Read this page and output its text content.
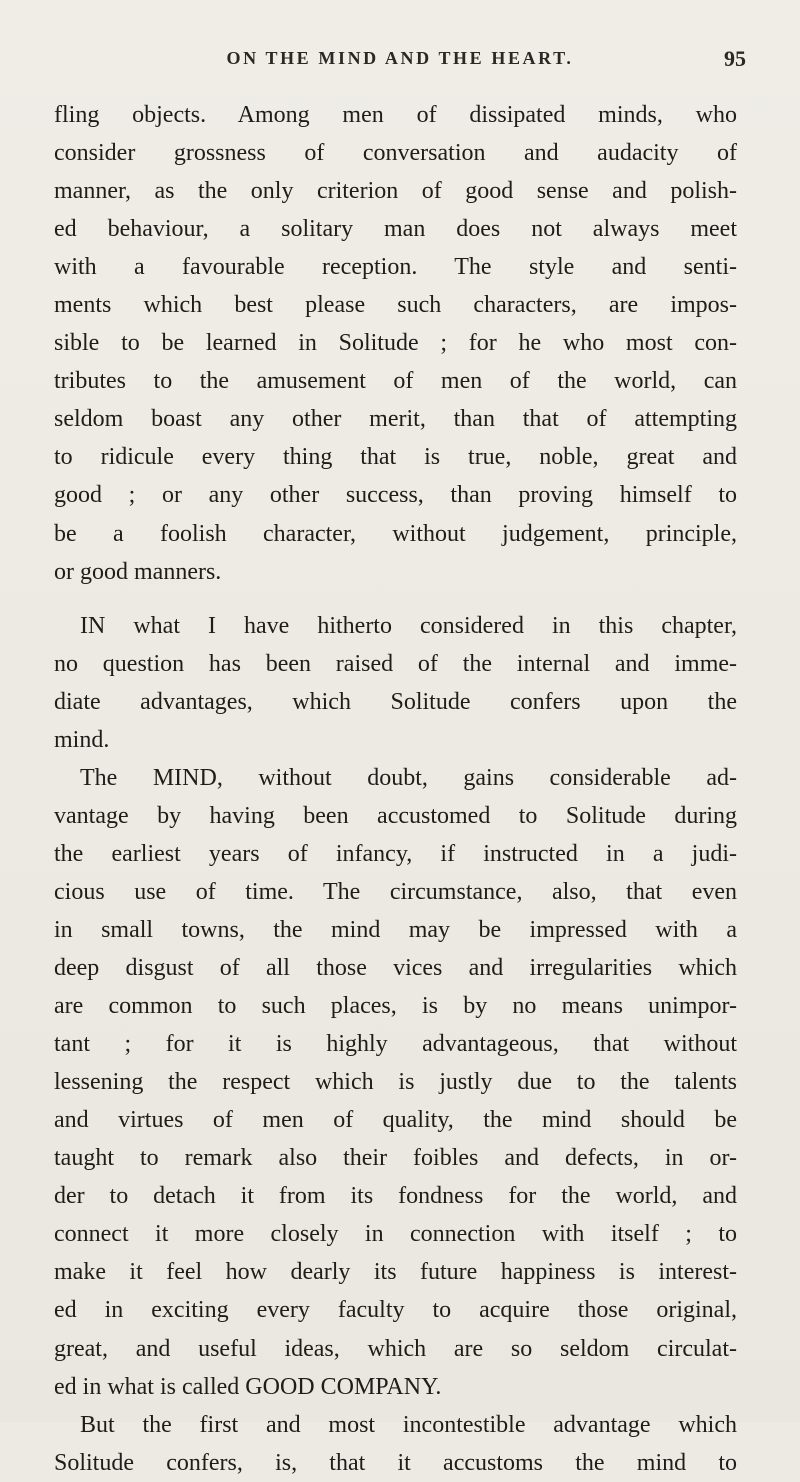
ON THE MIND AND THE HEART.	95
fling objects. Among men of dissipated minds, who
consider grossness of conversation and audacity of
manner, as the only criterion of good sense and polish-
ed behaviour, a solitary man does not always meet
with a favourable reception. The style and senti-
ments which best please such characters, are impos-
sible to be learned in Solitude ; for he who most con-
tributes to the amusement of men of the world, can
seldom boast any other merit, than that of attempting
to ridicule every thing that is true, noble, great and
good ; or any other success, than proving himself to
be a foolish character, without judgement, principle,
or good manners.
IN what I have hitherto considered in this chapter,
no question has been raised of the internal and imme-
diate advantages, which Solitude confers upon the
mind.
The MIND, without doubt, gains considerable ad-
vantage by having been accustomed to Solitude during
the earliest years of infancy, if instructed in a judi-
cious use of time. The circumstance, also, that even
in small towns, the mind may be impressed with a
deep disgust of all those vices and irregularities which
are common to such places, is by no means unimpor-
tant ; for it is highly advantageous, that without
lessening the respect which is justly due to the talents
and virtues of men of quality, the mind should be
taught to remark also their foibles and defects, in or-
der to detach it from its fondness for the world, and
connect it more closely in connection with itself ; to
make it feel how dearly its future happiness is interest-
ed in exciting every faculty to acquire those original,
great, and useful ideas, which are so seldom circulat-
ed in what is called GOOD COMPANY.
But the first and most incontestible advantage which
Solitude confers, is, that it accustoms the mind to
